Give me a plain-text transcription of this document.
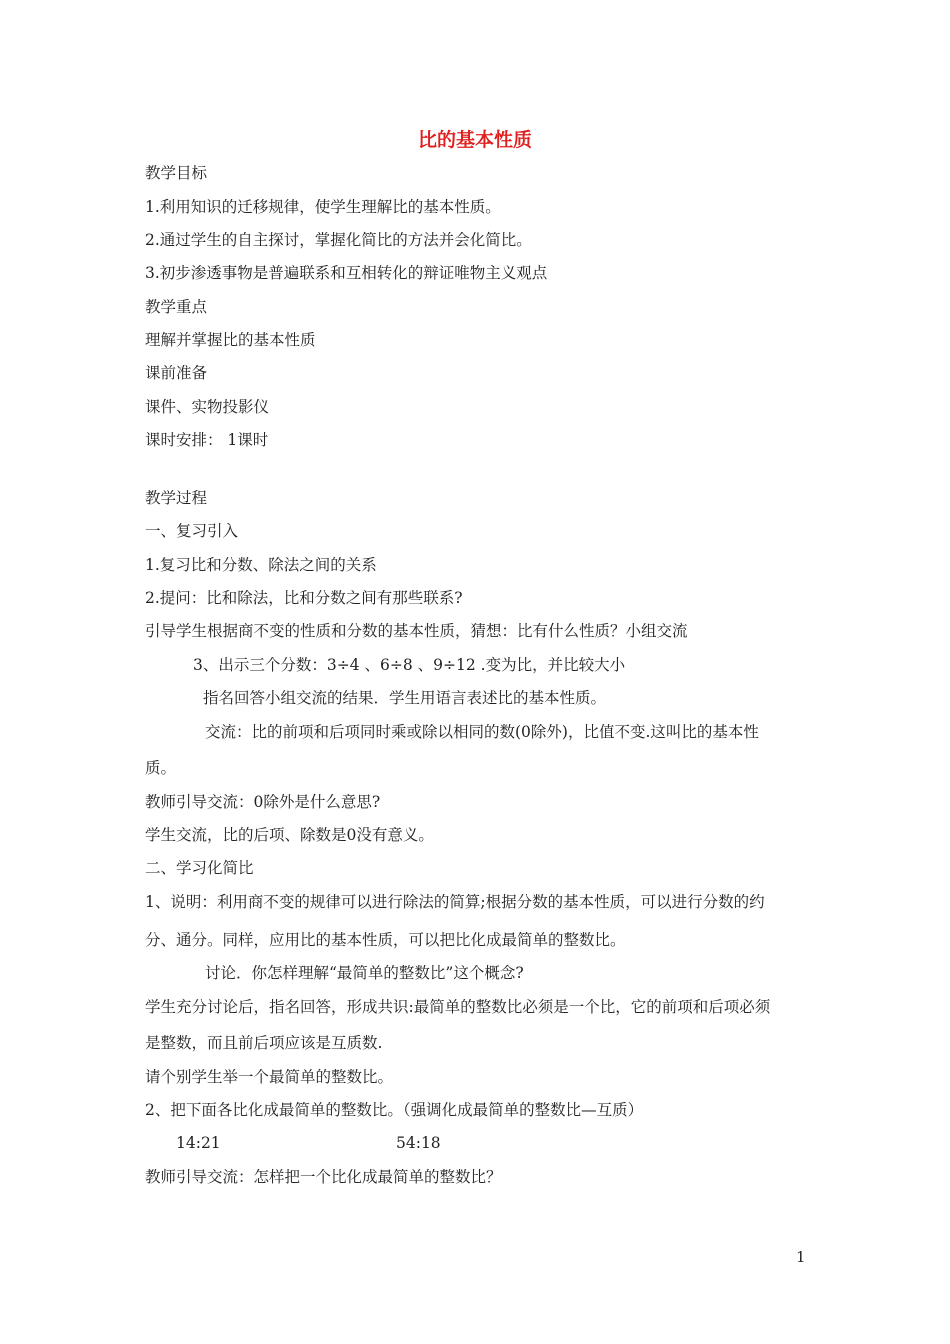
比的基本性质
教学目标
1.利用知识的迁移规律，使学生理解比的基本性质。
2.通过学生的自主探讨，掌握化简比的方法并会化简比。
3.初步渗透事物是普遍联系和互相转化的辩证唯物主义观点
教学重点
理解并掌握比的基本性质
课前准备
课件、实物投影仪
课时安排： 1课时
教学过程
一、复习引入
1.复习比和分数、除法之间的关系
2.提问：比和除法，比和分数之间有那些联系?
引导学生根据商不变的性质和分数的基本性质，猜想：比有什么性质？小组交流
3、出示三个分数：3÷4 、6÷8 、9÷12 .变为比，并比较大小
指名回答小组交流的结果．学生用语言表述比的基本性质。
交流：比的前项和后项同时乘或除以相同的数(0除外)，比值不变.这叫比的基本性
质。
教师引导交流：0除外是什么意思?
学生交流，比的后项、除数是0没有意义。
二、学习化简比
1、说明：利用商不变的规律可以进行除法的简算;根据分数的基本性质，可以进行分数的约
分、通分。同样，应用比的基本性质，可以把比化成最简单的整数比。
讨论．你怎样理解“最简单的整数比”这个概念?
学生充分讨论后，指名回答，形成共识:最简单的整数比必须是一个比，它的前项和后项必须
是整数，而且前后项应该是互质数.
请个别学生举一个最简单的整数比。
2、把下面各比化成最简单的整数比。（强调化成最简单的整数比—互质）
14:21	54:18
教师引导交流：怎样把一个比化成最简单的整数比？
1
